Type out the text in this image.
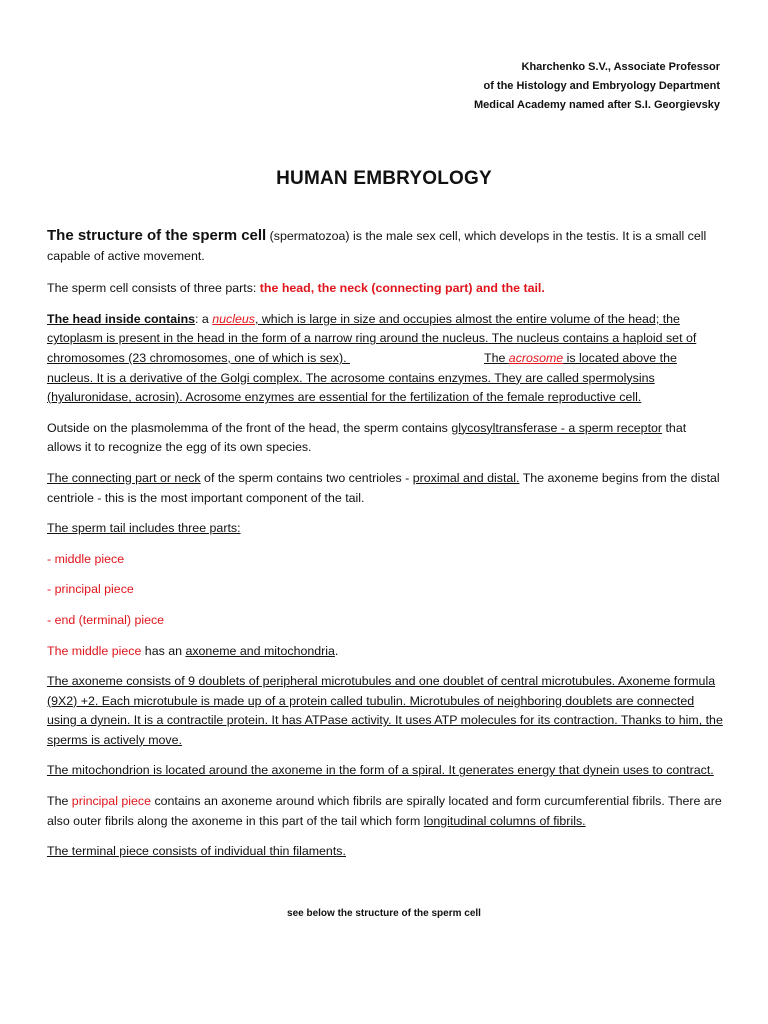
Kharchenko S.V., Associate Professor
of the Histology and Embryology Department
Medical Academy named after S.I. Georgievsky
HUMAN EMBRYOLOGY

The structure of the sperm cell (spermatozoa) is the male sex cell, which develops in the testis. It is a small cell capable of active movement.

The sperm cell consists of three parts: the head, the neck (connecting part) and the tail.

The head inside contains: a nucleus, which is large in size and occupies almost the entire volume of the head; the cytoplasm is present in the head in the form of a narrow ring around the nucleus. The nucleus contains a haploid set of chromosomes (23 chromosomes, one of which is sex).	The acrosome is located above the nucleus. It is a derivative of the Golgi complex. The acrosome contains enzymes. They are called spermolysins (hyaluronidase, acrosin). Acrosome enzymes are essential for the fertilization of the female reproductive cell.

Outside on the plasmolemma of the front of the head, the sperm contains glycosyltransferase - a sperm receptor that allows it to recognize the egg of its own species.

The connecting part or neck of the sperm contains two centrioles - proximal and distal. The axoneme begins from the distal centriole - this is the most important component of the tail.

The sperm tail includes three parts:

- middle piece

- principal piece

- end (terminal) piece

The middle piece has an axoneme and mitochondria.

The axoneme consists of 9 doublets of peripheral microtubules and one doublet of central microtubules. Axoneme formula (9X2) +2. Each microtubule is made up of a protein called tubulin. Microtubules of neighboring doublets are connected using a dynein. It is a contractile protein. It has ATPase activity. It uses ATP molecules for its contraction. Thanks to him, the sperms is actively move.

The mitochondrion is located around the axoneme in the form of a spiral. It generates energy that dynein uses to contract.

The principal piece contains an axoneme around which fibrils are spirally located and form curcumferential fibrils. There are also outer fibrils along the axoneme in this part of the tail which form longitudinal columns of fibrils.

The terminal piece consists of individual thin filaments.

see below the structure of the sperm cell
